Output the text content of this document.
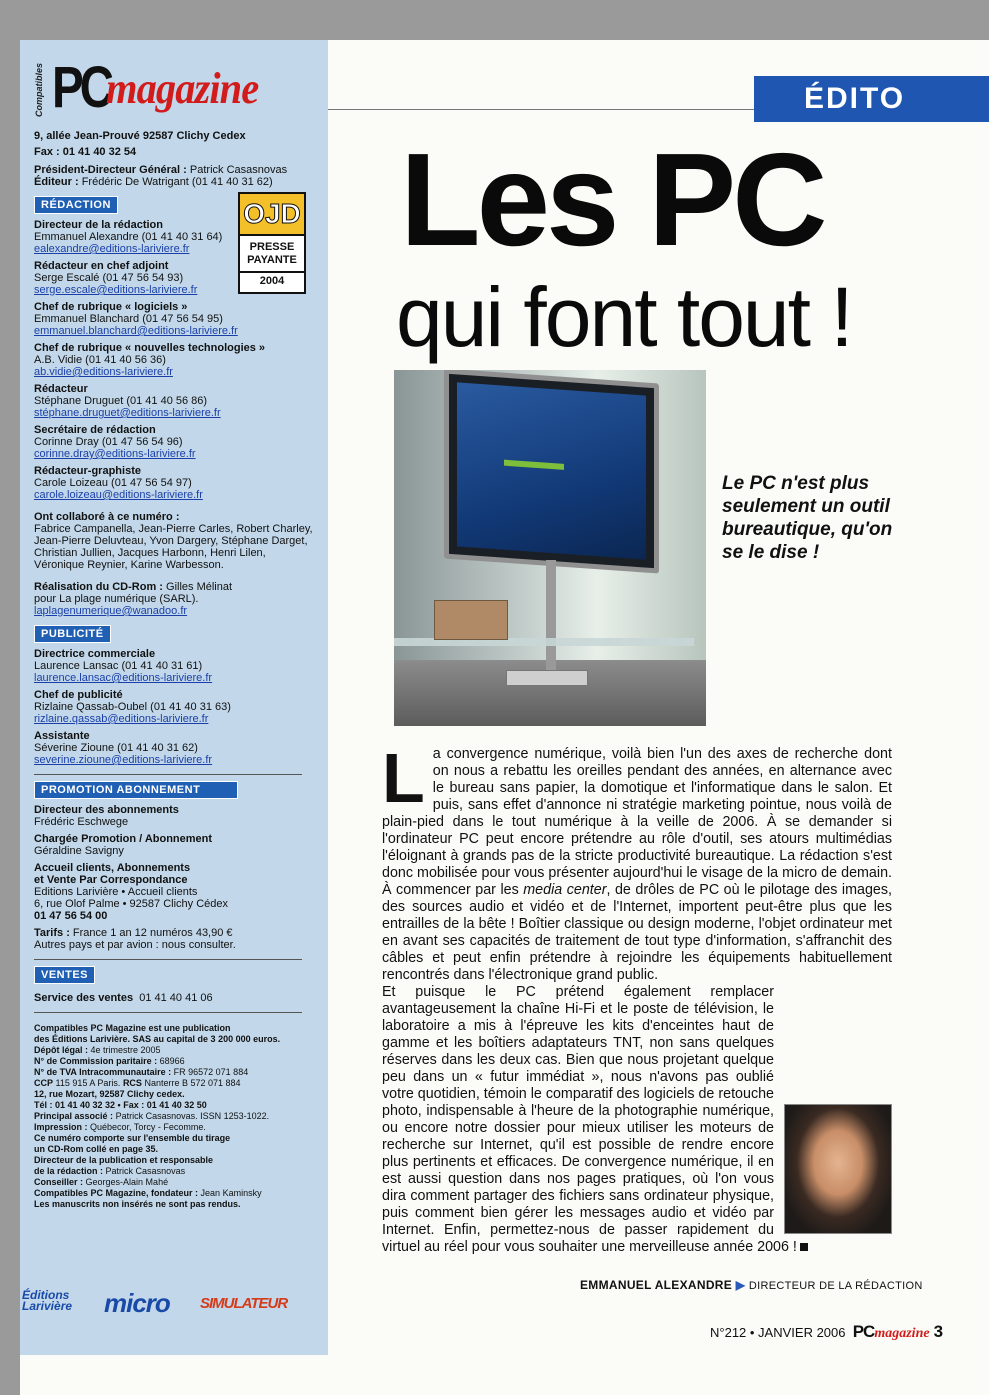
Compatibles PC
magazine
9, allée Jean-Prouvé 92587 Clichy Cedex
Fax : 01 41 40 32 54
Président-Directeur Général : Patrick Casasnovas
Éditeur : Frédéric De Watrigant (01 41 40 31 62)
RÉDACTION
Directeur de la rédaction
Emmanuel Alexandre (01 41 40 31 64)
ealexandre@editions-lariviere.fr
Rédacteur en chef adjoint
Serge Escalé (01 47 56 54 93)
serge.escale@editions-lariviere.fr
Chef de rubrique « logiciels »
Emmanuel Blanchard (01 47 56 54 95)
emmanuel.blanchard@editions-lariviere.fr
Chef de rubrique « nouvelles technologies »
A.B. Vidie (01 41 40 56 36)
ab.vidie@editions-lariviere.fr
Rédacteur
Stéphane Druguet (01 41 40 56 86)
stéphane.druguet@editions-lariviere.fr
Secrétaire de rédaction
Corinne Dray (01 47 56 54 96)
corinne.dray@editions-lariviere.fr
Rédacteur-graphiste
Carole Loizeau (01 47 56 54 97)
carole.loizeau@editions-lariviere.fr
Ont collaboré à ce numéro :
Fabrice Campanella, Jean-Pierre Carles, Robert Charley, Jean-Pierre Deluvteau, Yvon Dargery, Stéphane Darget, Christian Jullien, Jacques Harbonn, Henri Lilen, Véronique Reynier, Karine Warbesson.
Réalisation du CD-Rom : Gilles Mélinat
pour La plage numérique (SARL).
laplagenumerique@wanadoo.fr
PUBLICITÉ
Directrice commerciale
Laurence Lansac (01 41 40 31 61)
laurence.lansac@editions-lariviere.fr
Chef de publicité
Rizlaine Qassab-Oubel (01 41 40 31 63)
rizlaine.qassab@editions-lariviere.fr
Assistante
Séverine Zioune (01 41 40 31 62)
severine.zioune@editions-lariviere.fr
PROMOTION ABONNEMENT
Directeur des abonnements
Frédéric Eschwege
Chargée Promotion / Abonnement
Géraldine Savigny
Accueil clients, Abonnements
et Vente Par Correspondance
Editions Larivière • Accueil clients
6, rue Olof Palme • 92587 Clichy Cédex
01 47 56 54 00
Tarifs : France 1 an 12 numéros 43,90 €
Autres pays et par avion : nous consulter.
VENTES
Service des ventes 01 41 40 41 06
Compatibles PC Magazine est une publication
des Éditions Larivière. SAS au capital de 3 200 000 euros.
Dépôt légal : 4e trimestre 2005
N° de Commission paritaire : 68966
N° de TVA Intracommunautaire : FR 96572 071 884
CCP 115 915 A Paris. RCS Nanterre B 572 071 884
12, rue Mozart, 92587 Clichy cedex.
Tél : 01 41 40 32 32 • Fax : 01 41 40 32 50
Principal associé : Patrick Casasnovas. ISSN 1253-1022.
Impression : Québecor, Torcy - Fecomme.
Ce numéro comporte sur l'ensemble du tirage
un CD-Rom collé en page 35.
Directeur de la publication et responsable
de la rédaction : Patrick Casasnovas
Conseiller : Georges-Alain Mahé
Compatibles PC Magazine, fondateur : Jean Kaminsky
Les manuscrits non insérés ne sont pas rendus.
OJD
PRESSE
PAYANTE
2004
Éditions Larivière	micro SIMULATEUR
ÉDITO
Les PC
qui font tout !
Le PC n'est plus seulement un outil bureautique, qu'on se le dise !
L a convergence numérique, voilà bien l'un des axes de recherche dont on nous a rebattu les oreilles pendant des années, en alternance avec le bureau sans papier, la domotique et l'informatique dans le salon. Et puis, sans effet d'annonce ni stratégie marketing pointue, nous voilà de plain-pied dans le tout numérique à la veille de 2006. À se demander si l'ordinateur PC peut encore prétendre au rôle d'outil, ses atours multimédias l'éloignant à grands pas de la stricte productivité bureautique. La rédaction s'est donc mobilisée pour vous présenter aujourd'hui le visage de la micro de demain. À commencer par les media center, de drôles de PC où le pilotage des images, des sources audio et vidéo et de l'Internet, importent peut-être plus que les entrailles de la bête ! Boîtier classique ou design moderne, l'objet ordinateur met en avant ses capacités de traitement de tout type d'information, s'affranchit des câbles et peut enfin prétendre à rejoindre les équipements habituellement rencontrés dans l'électronique grand public.
Et puisque le PC prétend également remplacer avantageusement la chaîne Hi-Fi et le poste de télévision, le laboratoire a mis à l'épreuve les kits d'enceintes haut de gamme et les boîtiers adaptateurs TNT, non sans quelques réserves dans les deux cas. Bien que nous projetant quelque peu dans un « futur immédiat », nous n'avons pas oublié votre quotidien, témoin le comparatif des logiciels de retouche photo, indispensable à l'heure de la photographie numérique, ou encore notre dossier pour mieux utiliser les moteurs de recherche sur Internet, qu'il est possible de rendre encore plus pertinents et efficaces. De convergence numérique, il en est aussi question dans nos pages pratiques, où l'on vous dira comment partager des fichiers sans ordinateur physique, puis comment bien gérer les messages audio et vidéo par Internet. Enfin, permettez-nous de passer rapidement du virtuel au réel pour vous souhaiter une merveilleuse année 2006 !
EMMANUEL ALEXANDRE ▶ DIRECTEUR DE LA RÉDACTION
N°212 • JANVIER 2006 PCmagazine 3
